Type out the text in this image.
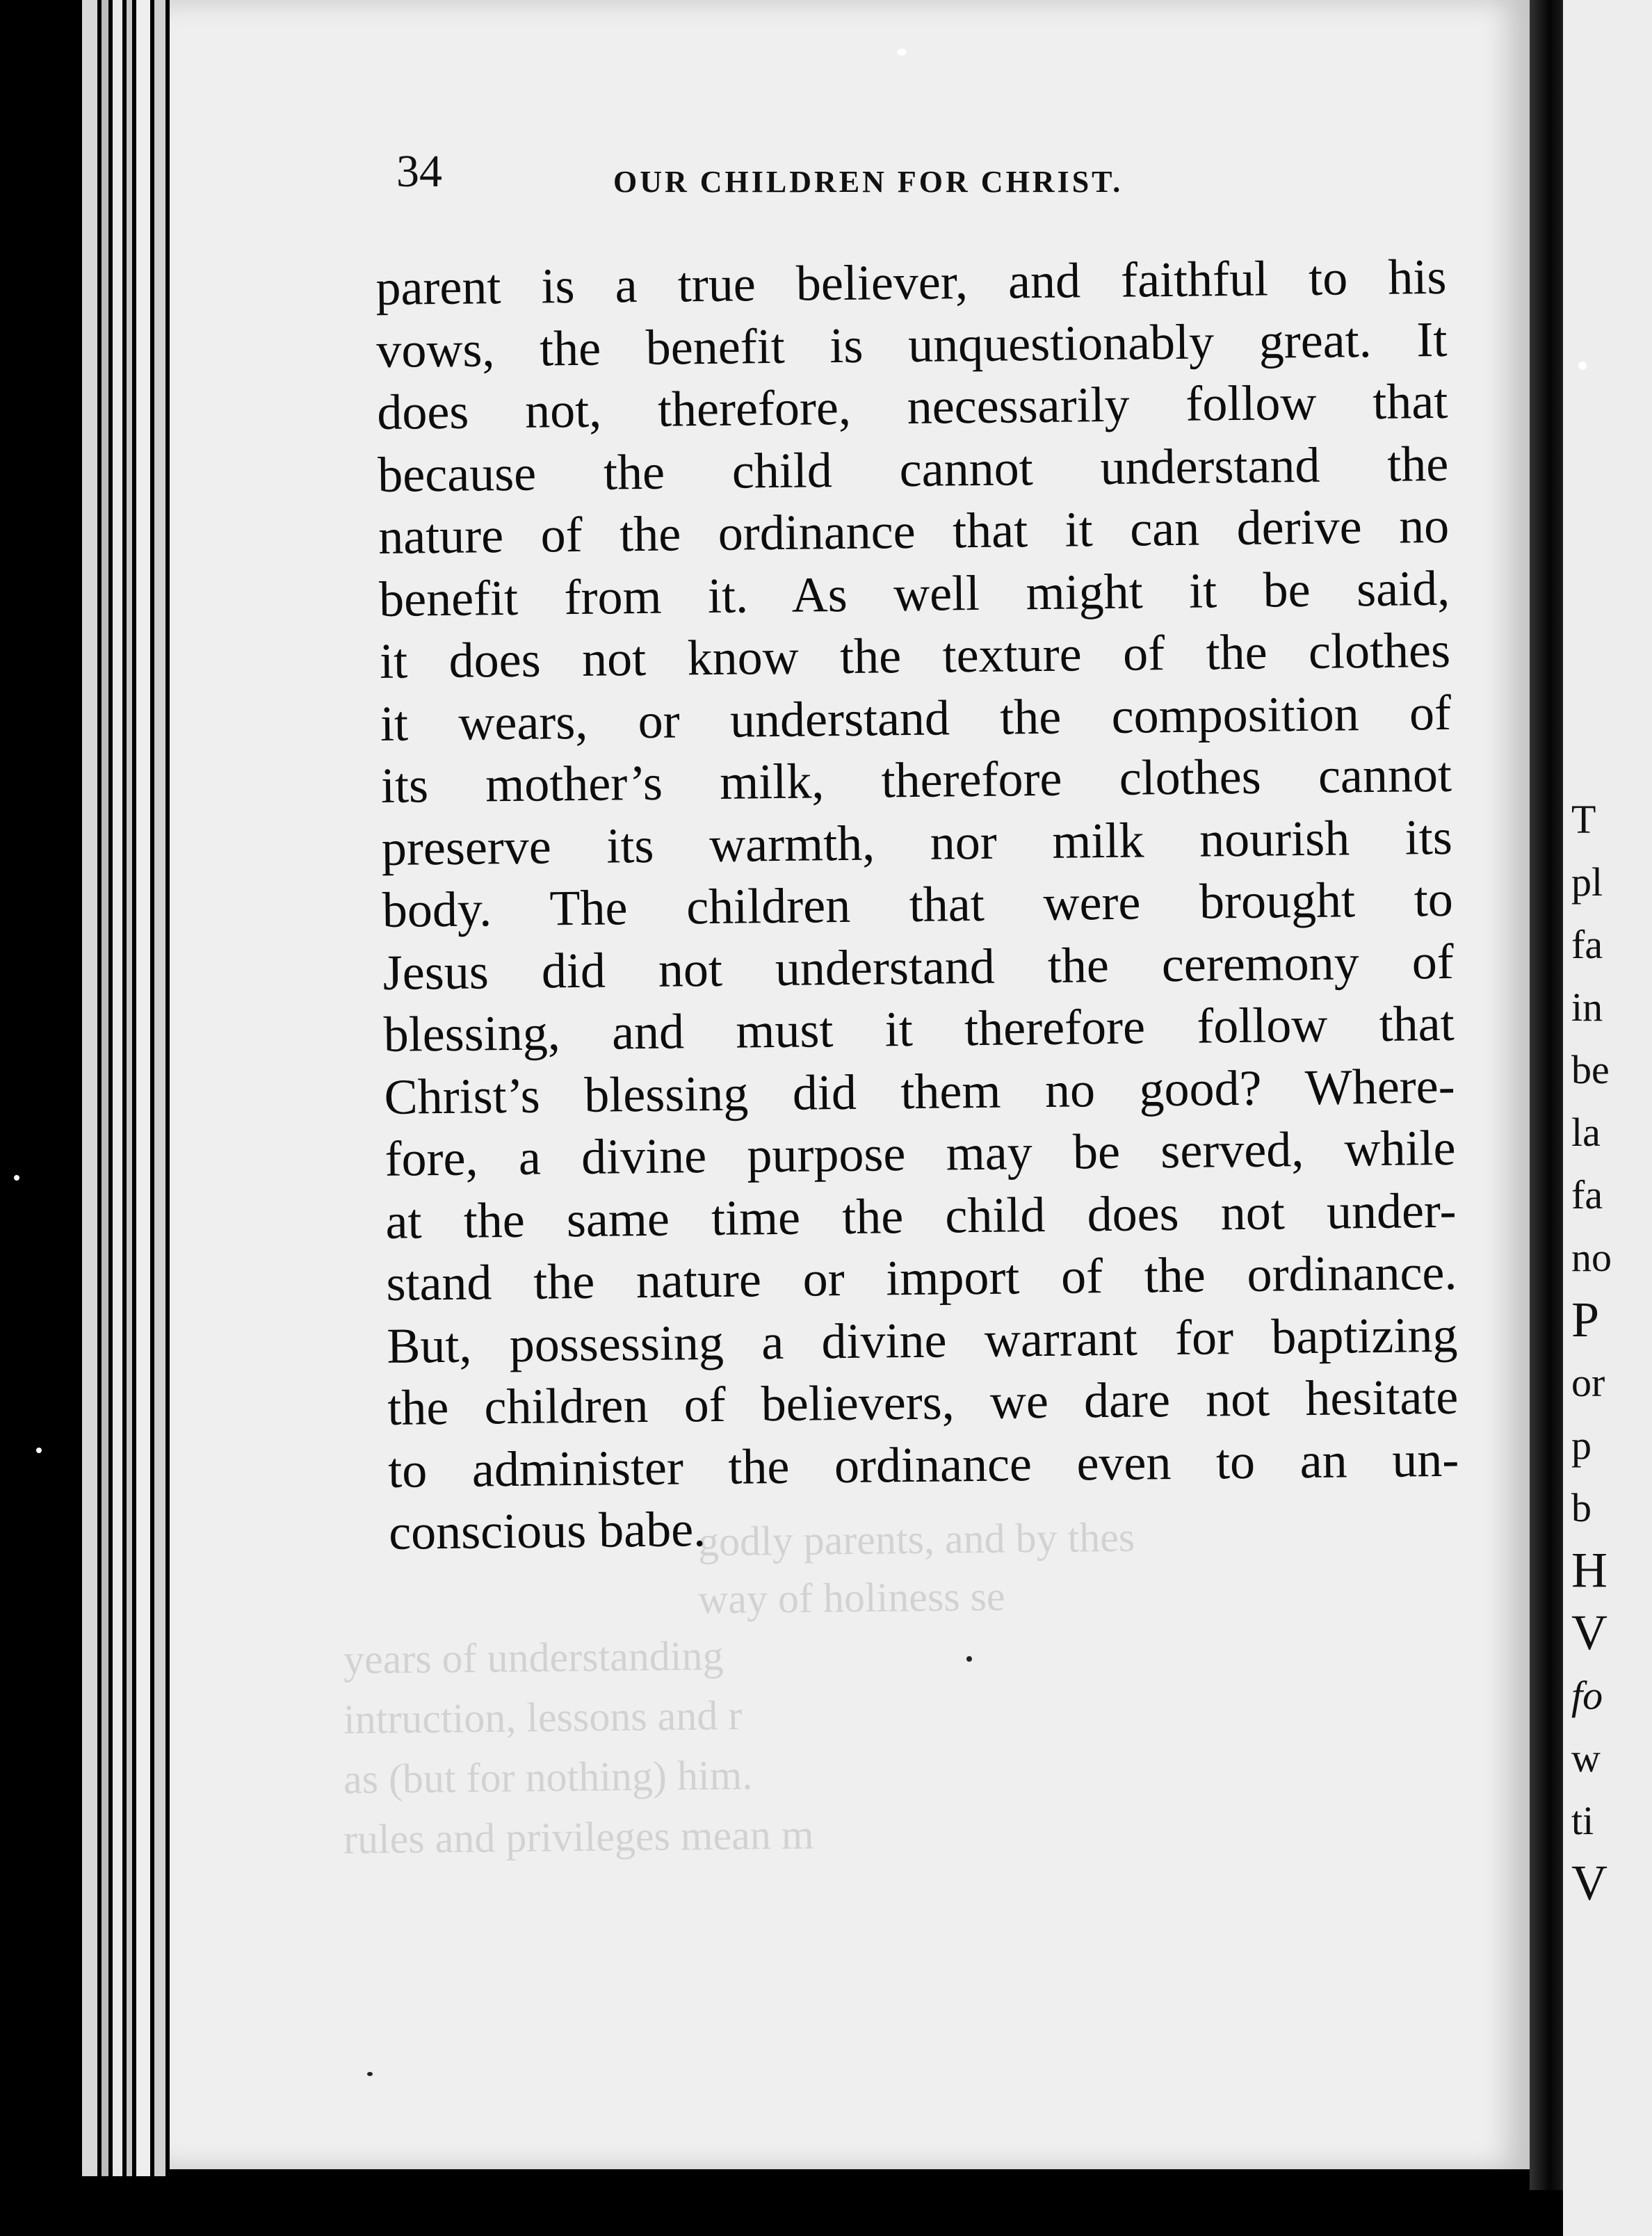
godly parents, and by thes
way of holiness se
years of understanding
intruction, lessons and r
as (but for nothing) him.
rules and privileges mean m
T
pl
fa
in
be
la
fa
no
P
or
p
b
H
V
fo
w
ti
V
34	OUR CHILDREN FOR CHRIST.
parent is a true believer, and faithful to his
vows, the benefit is unquestionably great. It
does not, therefore, necessarily follow that
because the child cannot understand the
nature of the ordinance that it can derive no
benefit from it. As well might it be said,
it does not know the texture of the clothes
it wears, or understand the composition of
its mother’s milk, therefore clothes cannot
preserve its warmth, nor milk nourish its
body. The children that were brought to
Jesus did not understand the ceremony of
blessing, and must it therefore follow that
Christ’s blessing did them no good? Where-
fore, a divine purpose may be served, while
at the same time the child does not under-
stand the nature or import of the ordinance.
But, possessing a divine warrant for baptizing
the children of believers, we dare not hesitate
to administer the ordinance even to an un-
conscious babe.
